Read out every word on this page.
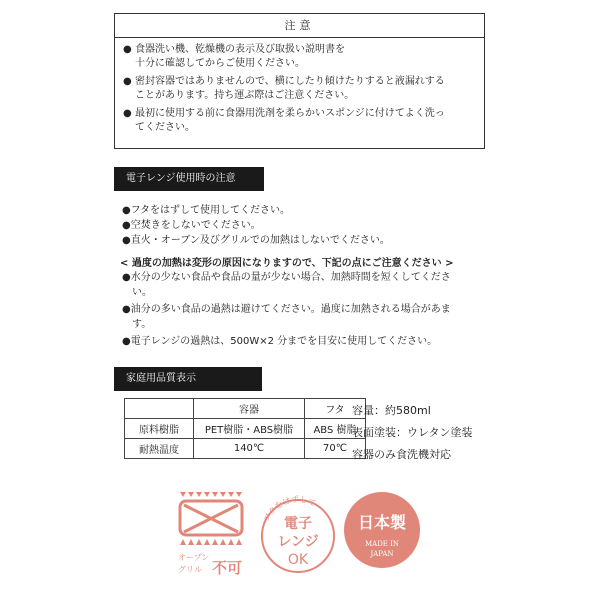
注意
● 食器洗い機、乾燥機の表示及び取扱い説明書を
十分に確認してからご使用ください。
● 密封容器ではありませんので、横にしたり傾けたりすると液漏れする
ことがあります。持ち運ぶ際はご注意ください。
● 最初に使用する前に食器用洗剤を柔らかいスポンジに付けてよく洗っ
てください。
電子レンジ使用時の注意
●フタをはずして使用してください。
●空焚きをしないでください。
●直火・オーブン及びグリルでの加熱はしないでください。
< 過度の加熱は変形の原因になりますので、下記の点にご注意ください >
●水分の少ない食品や食品の量が少ない場合、加熱時間を短くしてくださ
い。
●油分の多い食品の過熱は避けてください。過度に加熱される場合があま
す。
●電子レンジの過熱は、500W×2 分までを目安に使用してください。
家庭用品質表示
	容器	フタ
原料樹脂	PET樹脂・ABS樹脂	ABS 樹脂
耐熱温度	140℃	70℃
容量：約580ml
表面塗装：ウレタン塗装
容器のみ食洗機対応
オーブン
グリル 不可
フタをはずして
電子
レンジ
OK
日本製
MADE IN
JAPAN
